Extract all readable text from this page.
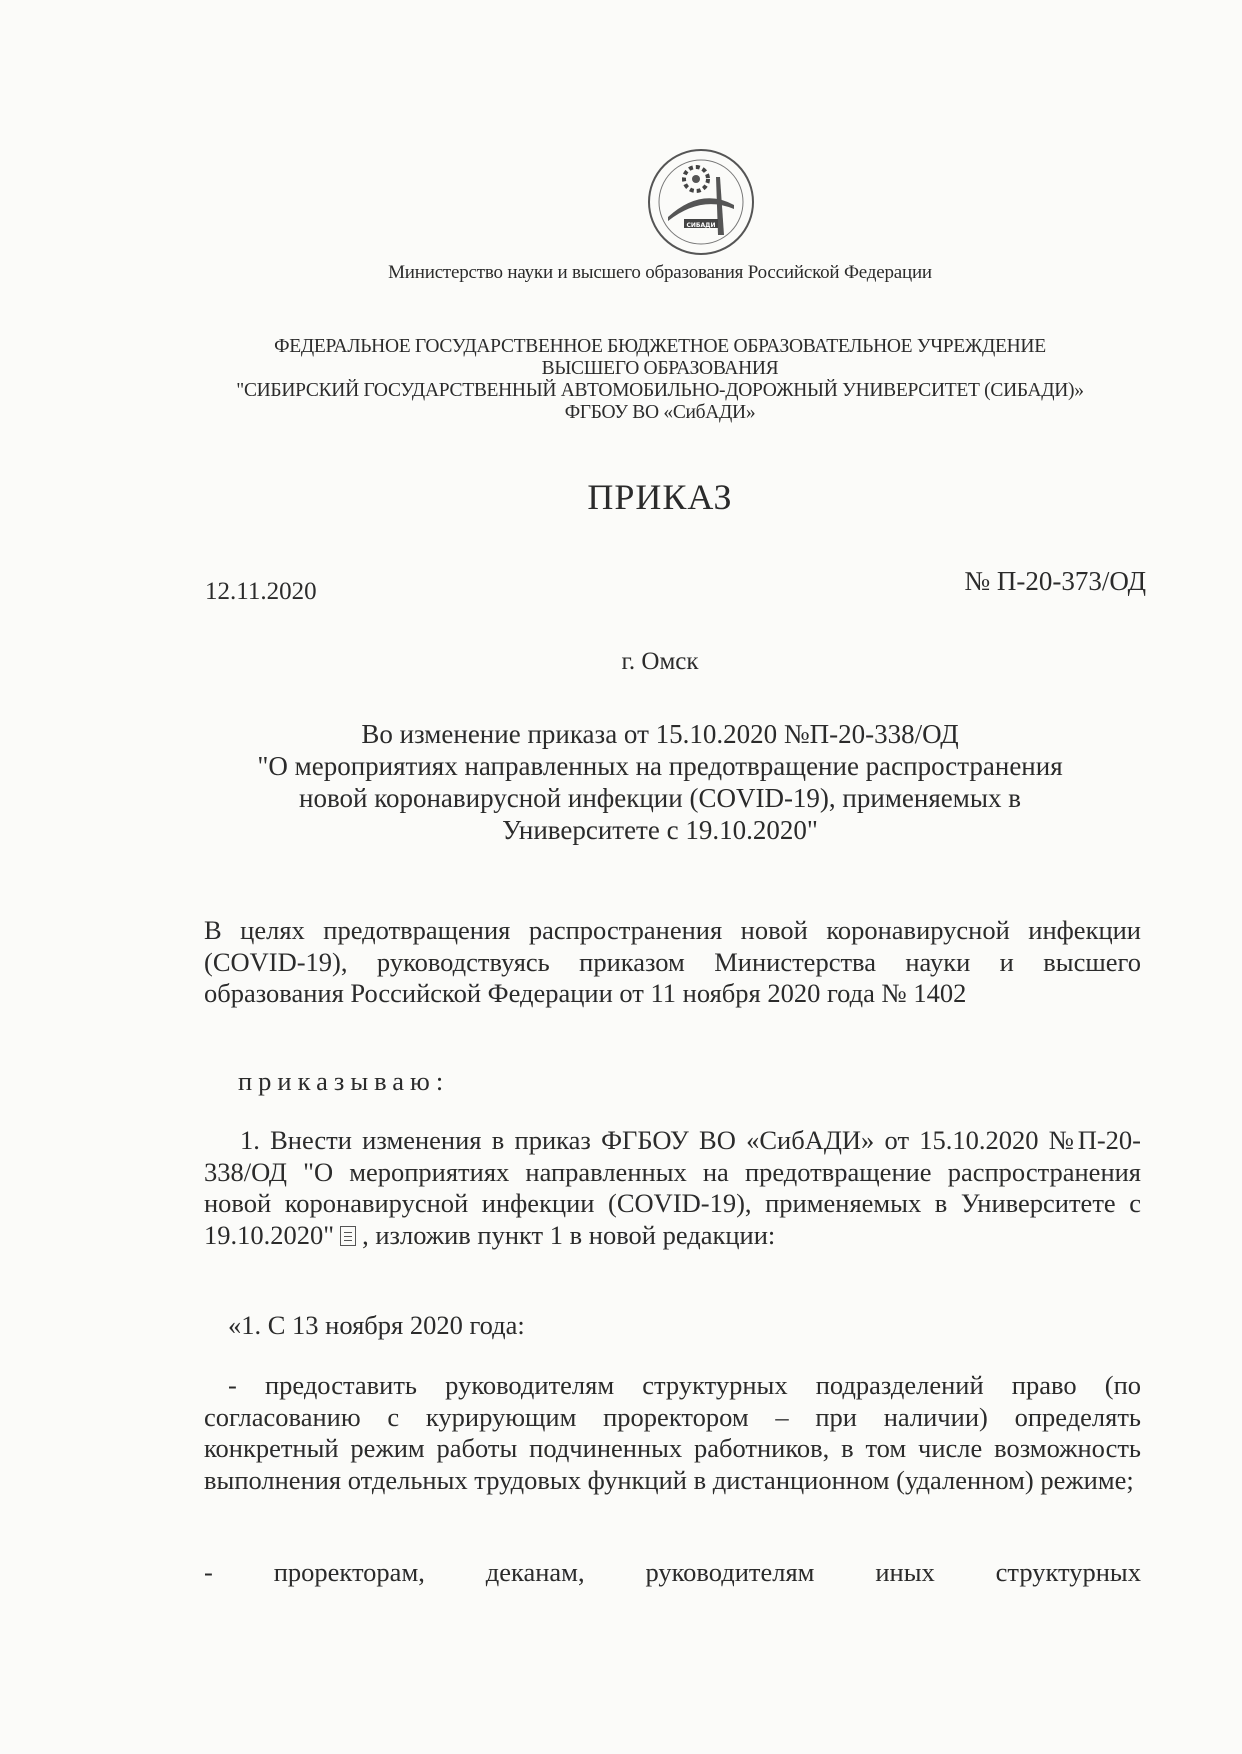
СИБАДИ
Министерство науки и высшего образования Российской Федерации
ФЕДЕРАЛЬНОЕ ГОСУДАРСТВЕННОЕ БЮДЖЕТНОЕ ОБРАЗОВАТЕЛЬНОЕ УЧРЕЖДЕНИЕ
ВЫСШЕГО ОБРАЗОВАНИЯ
"СИБИРСКИЙ ГОСУДАРСТВЕННЫЙ АВТОМОБИЛЬНО-ДОРОЖНЫЙ УНИВЕРСИТЕТ (СИБАДИ)»
ФГБОУ ВО «СибАДИ»
ПРИКАЗ
12.11.2020	№ П-20-373/ОД
г. Омск
Во изменение приказа от 15.10.2020 №П-20-338/ОД
"О мероприятиях направленных на предотвращение распространения
новой коронавирусной инфекции (COVID-19), применяемых в
Университете с 19.10.2020"
В целях предотвращения распространения новой коронавирусной инфекции (COVID-19), руководствуясь приказом Министерства науки и высшего образования Российской Федерации от 11 ноября 2020 года № 1402
приказываю:
1. Внести изменения в приказ ФГБОУ ВО «СибАДИ» от 15.10.2020 №П-20-338/ОД "О мероприятиях направленных на предотвращение распространения новой коронавирусной инфекции (COVID-19), применяемых в Университете с 19.10.2020" , изложив пункт 1 в новой редакции:
«1. С 13 ноября 2020 года:
- предоставить руководителям структурных подразделений право (по согласованию с курирующим проректором – при наличии) определять конкретный режим работы подчиненных работников, в том числе возможность выполнения отдельных трудовых функций в дистанционном (удаленном) режиме;
- проректорам, деканам, руководителям иных структурных
